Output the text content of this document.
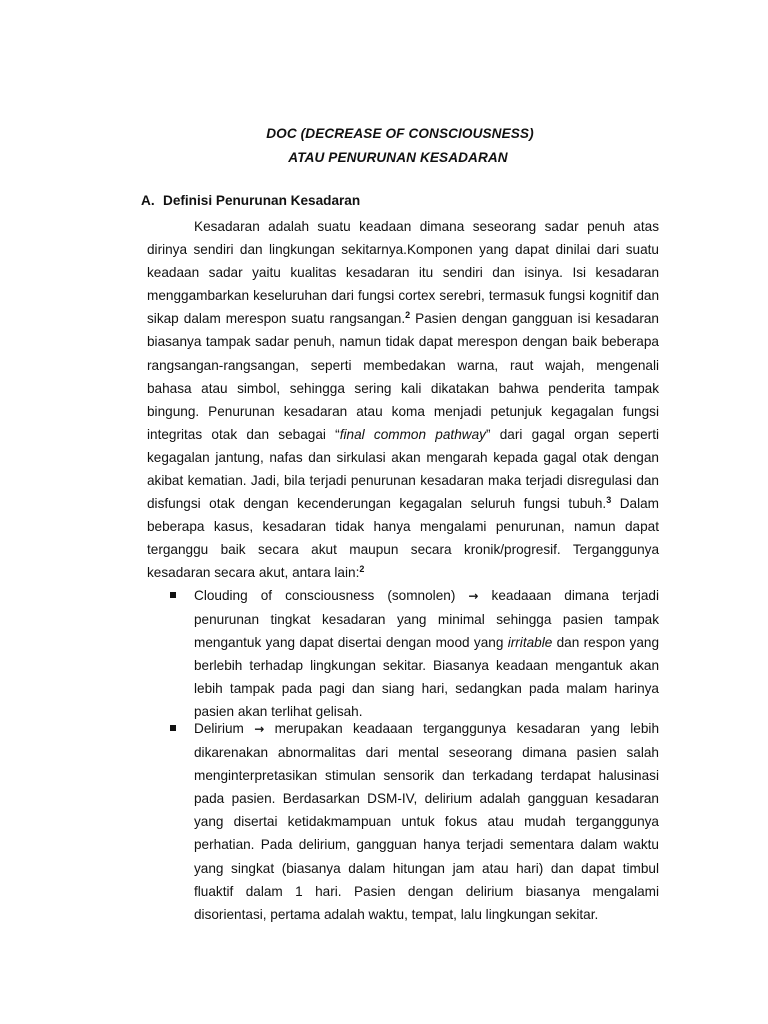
DOC (DECREASE OF CONSCIOUSNESS)
ATAU PENURUNAN KESADARAN
A. Definisi Penurunan Kesadaran

Kesadaran adalah suatu keadaan dimana seseorang sadar penuh atas dirinya sendiri dan lingkungan sekitarnya.Komponen yang dapat dinilai dari suatu keadaan sadar yaitu kualitas kesadaran itu sendiri dan isinya. Isi kesadaran menggambarkan keseluruhan dari fungsi cortex serebri, termasuk fungsi kognitif dan sikap dalam merespon suatu rangsangan.$^2$ Pasien dengan gangguan isi kesadaran biasanya tampak sadar penuh, namun tidak dapat merespon dengan baik beberapa rangsangan-rangsangan, seperti membedakan warna, raut wajah, mengenali bahasa atau simbol, sehingga sering kali dikatakan bahwa penderita tampak bingung. Penurunan kesadaran atau koma menjadi petunjuk kegagalan fungsi integritas otak dan sebagai “final common pathway” dari gagal organ seperti kegagalan jantung, nafas dan sirkulasi akan mengarah kepada gagal otak dengan akibat kematian. Jadi, bila terjadi penurunan kesadaran maka terjadi disregulasi dan disfungsi otak dengan kecenderungan kegagalan seluruh fungsi tubuh.$^3$ Dalam beberapa kasus, kesadaran tidak hanya mengalami penurunan, namun dapat terganggu baik secara akut maupun secara kronik/progresif. Terganggunya kesadaran secara akut, antara lain:$^2$

Clouding of consciousness (somnolen) → keadaaan dimana terjadi penurunan tingkat kesadaran yang minimal sehingga pasien tampak mengantuk yang dapat disertai dengan mood yang irritable dan respon yang berlebih terhadap lingkungan sekitar. Biasanya keadaan mengantuk akan lebih tampak pada pagi dan siang hari, sedangkan pada malam harinya pasien akan terlihat gelisah.

Delirium → merupakan keadaaan terganggunya kesadaran yang lebih dikarenakan abnormalitas dari mental seseorang dimana pasien salah menginterpretasikan stimulan sensorik dan terkadang terdapat halusinasi pada pasien. Berdasarkan DSM-IV, delirium adalah gangguan kesadaran yang disertai ketidakmampuan untuk fokus atau mudah terganggunya perhatian. Pada delirium, gangguan hanya terjadi sementara dalam waktu yang singkat (biasanya dalam hitungan jam atau hari) dan dapat timbul fluaktif dalam 1 hari. Pasien dengan delirium biasanya mengalami disorientasi, pertama adalah waktu, tempat, lalu lingkungan sekitar.
